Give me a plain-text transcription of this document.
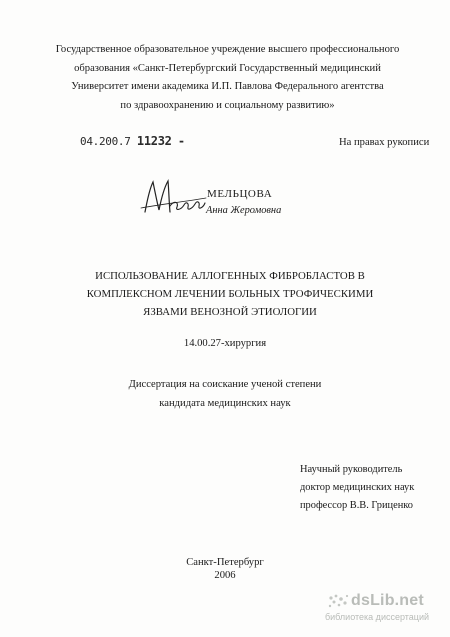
Государственное образовательное учреждение высшего профессионального
образования «Санкт-Петербургский Государственный медицинский
Университет имени академика И.П. Павлова Федерального агентства
по здравоохранению и социальному развитию»
04.200.7 11232 -	На правах рукописи
МЕЛЬЦОВА
Анна Жеромовна
ИСПОЛЬЗОВАНИЕ АЛЛОГЕННЫХ ФИБРОБЛАСТОВ В
КОМПЛЕКСНОМ ЛЕЧЕНИИ БОЛЬНЫХ ТРОФИЧЕСКИМИ
ЯЗВАМИ ВЕНОЗНОЙ ЭТИОЛОГИИ
14.00.27-хирургия
Диссертация на соискание ученой степени
кандидата медицинских наук
Научный руководитель
доктор медицинских наук
профессор В.В. Гриценко
Санкт-Петербург
2006
dsLib.net
библиотека диссертаций
